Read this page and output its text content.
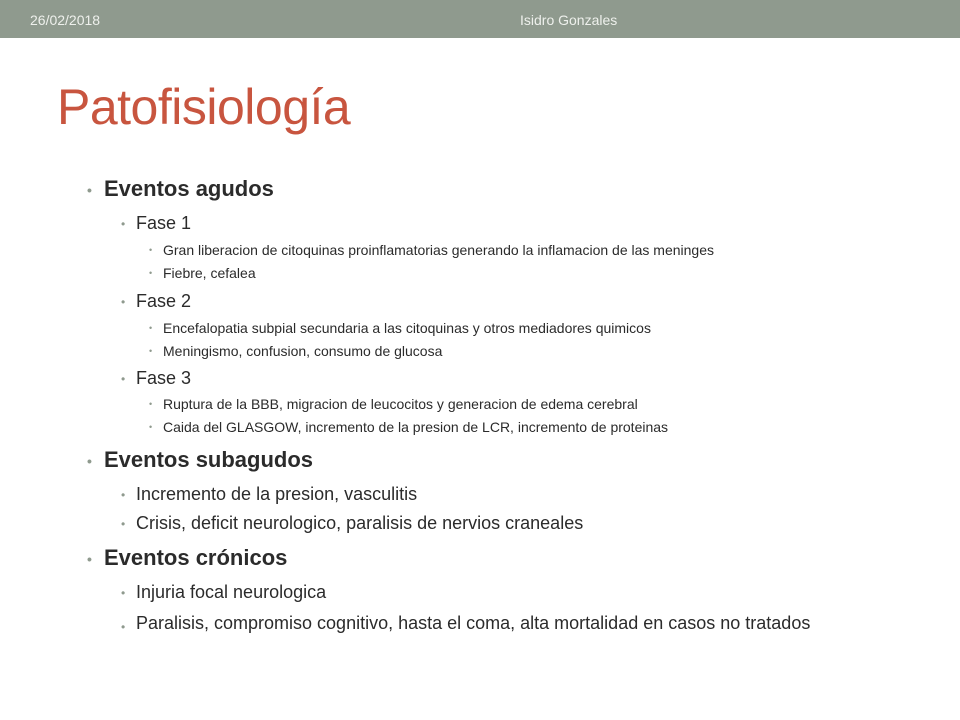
26/02/2018	Isidro Gonzales
Patofisiología
• Eventos agudos
• Fase 1
• Gran liberacion de citoquinas proinflamatorias generando la inflamacion de las meninges
• Fiebre, cefalea
• Fase 2
• Encefalopatia subpial secundaria a las citoquinas y otros mediadores quimicos
• Meningismo, confusion, consumo de glucosa
• Fase 3
• Ruptura de la BBB, migracion de leucocitos y generacion de edema cerebral
• Caida del GLASGOW, incremento de la presion de LCR, incremento de proteinas
• Eventos subagudos
• Incremento de la presion, vasculitis
• Crisis, deficit neurologico, paralisis de nervios craneales
• Eventos crónicos
• Injuria focal neurologica
• Paralisis, compromiso cognitivo, hasta el coma, alta mortalidad en casos no tratados
